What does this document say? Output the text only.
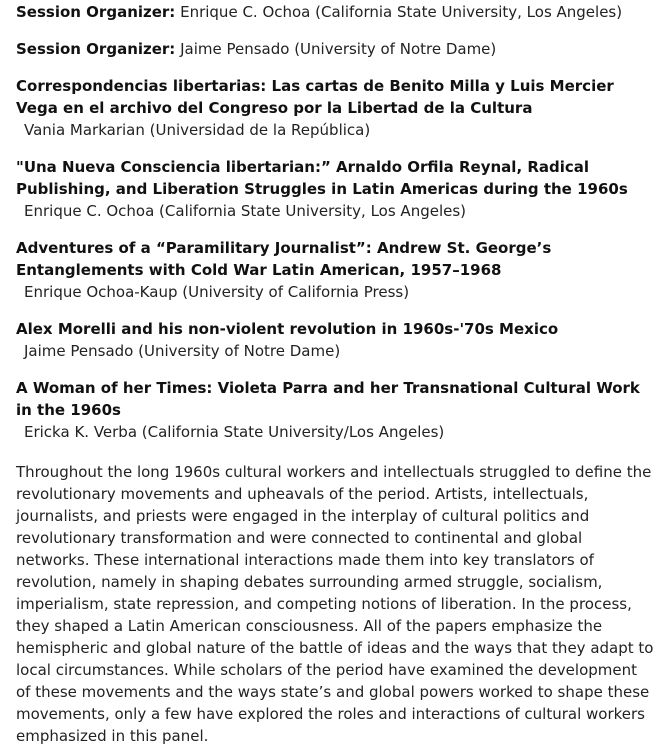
Session Organizer: Enrique C. Ochoa (California State University, Los Angeles)
Session Organizer: Jaime Pensado (University of Notre Dame)
Correspondencias libertarias: Las cartas de Benito Milla y Luis Mercier Vega en el archivo del Congreso por la Libertad de la Cultura
Vania Markarian (Universidad de la República)
"Una Nueva Consciencia libertarian:” Arnaldo Orfila Reynal, Radical Publishing, and Liberation Struggles in Latin Americas during the 1960s
Enrique C. Ochoa (California State University, Los Angeles)
Adventures of a “Paramilitary Journalist”: Andrew St. George’s Entanglements with Cold War Latin American, 1957–1968
Enrique Ochoa-Kaup (University of California Press)
Alex Morelli and his non-violent revolution in 1960s-'70s Mexico
Jaime Pensado (University of Notre Dame)
A Woman of her Times: Violeta Parra and her Transnational Cultural Work in the 1960s
Ericka K. Verba (California State University/Los Angeles)

Throughout the long 1960s cultural workers and intellectuals struggled to define the revolutionary movements and upheavals of the period. Artists, intellectuals, journalists, and priests were engaged in the interplay of cultural politics and revolutionary transformation and were connected to continental and global networks. These international interactions made them into key translators of revolution, namely in shaping debates surrounding armed struggle, socialism, imperialism, state repression, and competing notions of liberation. In the process, they shaped a Latin American consciousness. All of the papers emphasize the hemispheric and global nature of the battle of ideas and the ways that they adapt to local circumstances. While scholars of the period have examined the development of these movements and the ways state’s and global powers worked to shape these movements, only a few have explored the roles and interactions of cultural workers emphasized in this panel.
